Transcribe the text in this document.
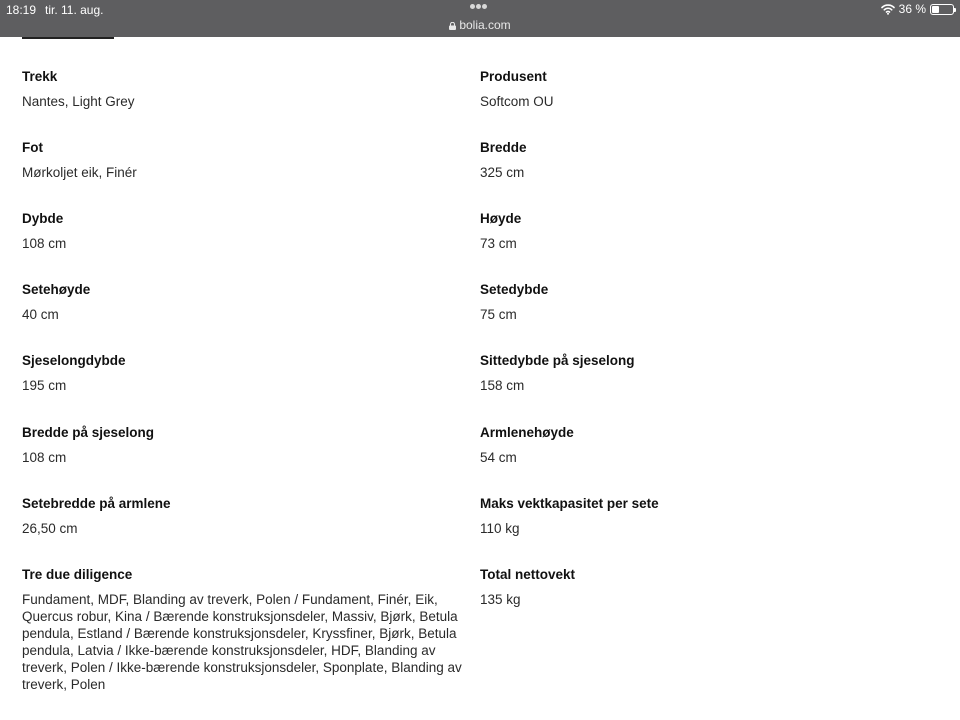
18:19 tir. 11. aug.
bolia.com
36 %
Trekk
Nantes, Light Grey
Fot
Mørkoljet eik, Finér
Dybde
108 cm
Setehøyde
40 cm
Sjeselongdybde
195 cm
Bredde på sjeselong
108 cm
Setebredde på armlene
26,50 cm
Tre due diligence
Fundament, MDF, Blanding av treverk, Polen / Fundament, Finér, Eik, Quercus robur, Kina / Bærende konstruksjonsdeler, Massiv, Bjørk, Betula pendula, Estland / Bærende konstruksjonsdeler, Kryssfiner, Bjørk, Betula pendula, Latvia / Ikke-bærende konstruksjonsdeler, HDF, Blanding av treverk, Polen / Ikke-bærende konstruksjonsdeler, Sponplate, Blanding av treverk, Polen
Produsent
Softcom OU
Bredde
325 cm
Høyde
73 cm
Setedybde
75 cm
Sittedybde på sjeselong
158 cm
Armlenehøyde
54 cm
Maks vektkapasitet per sete
110 kg
Total nettovekt
135 kg
